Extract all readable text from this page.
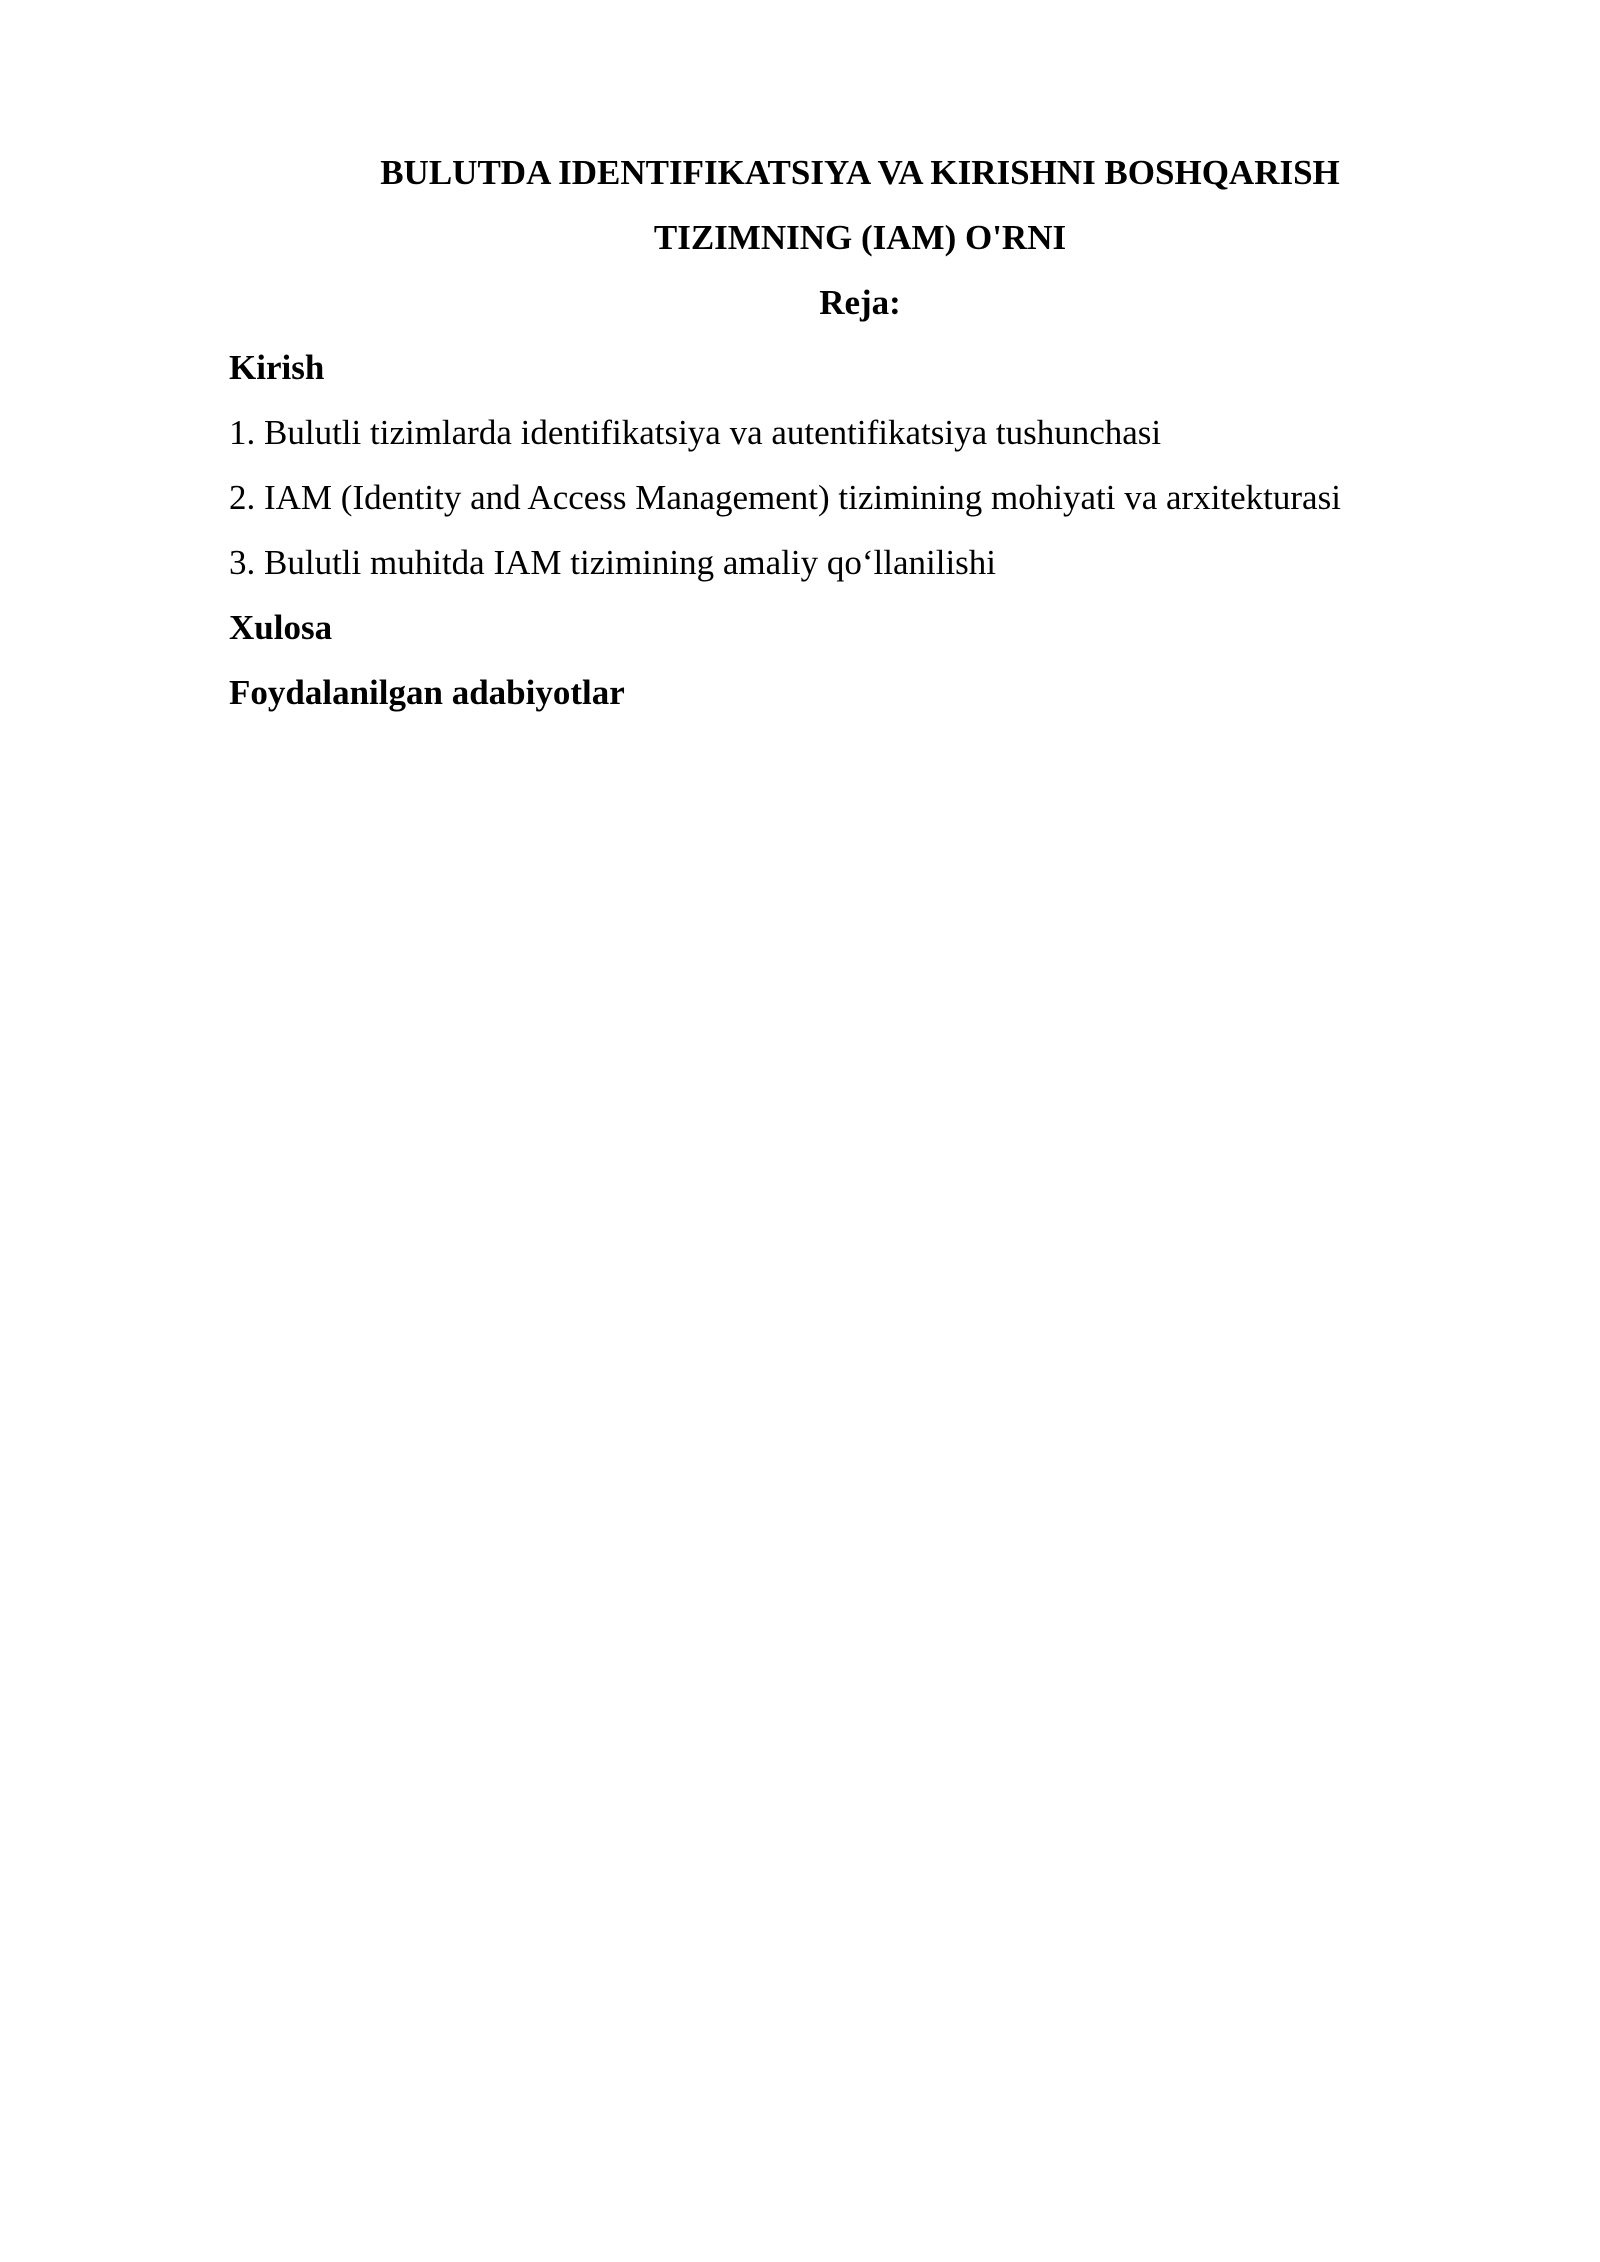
BULUTDA IDENTIFIKATSIYA VA KIRISHNI BOSHQARISH
TIZIMNING (IAM) O'RNI
Reja:
Kirish
1. Bulutli tizimlarda identifikatsiya va autentifikatsiya tushunchasi
2. IAM (Identity and Access Management) tizimining mohiyati va arxitekturasi
3. Bulutli muhitda IAM tizimining amaliy qo‘llanilishi
Xulosa
Foydalanilgan adabiyotlar
